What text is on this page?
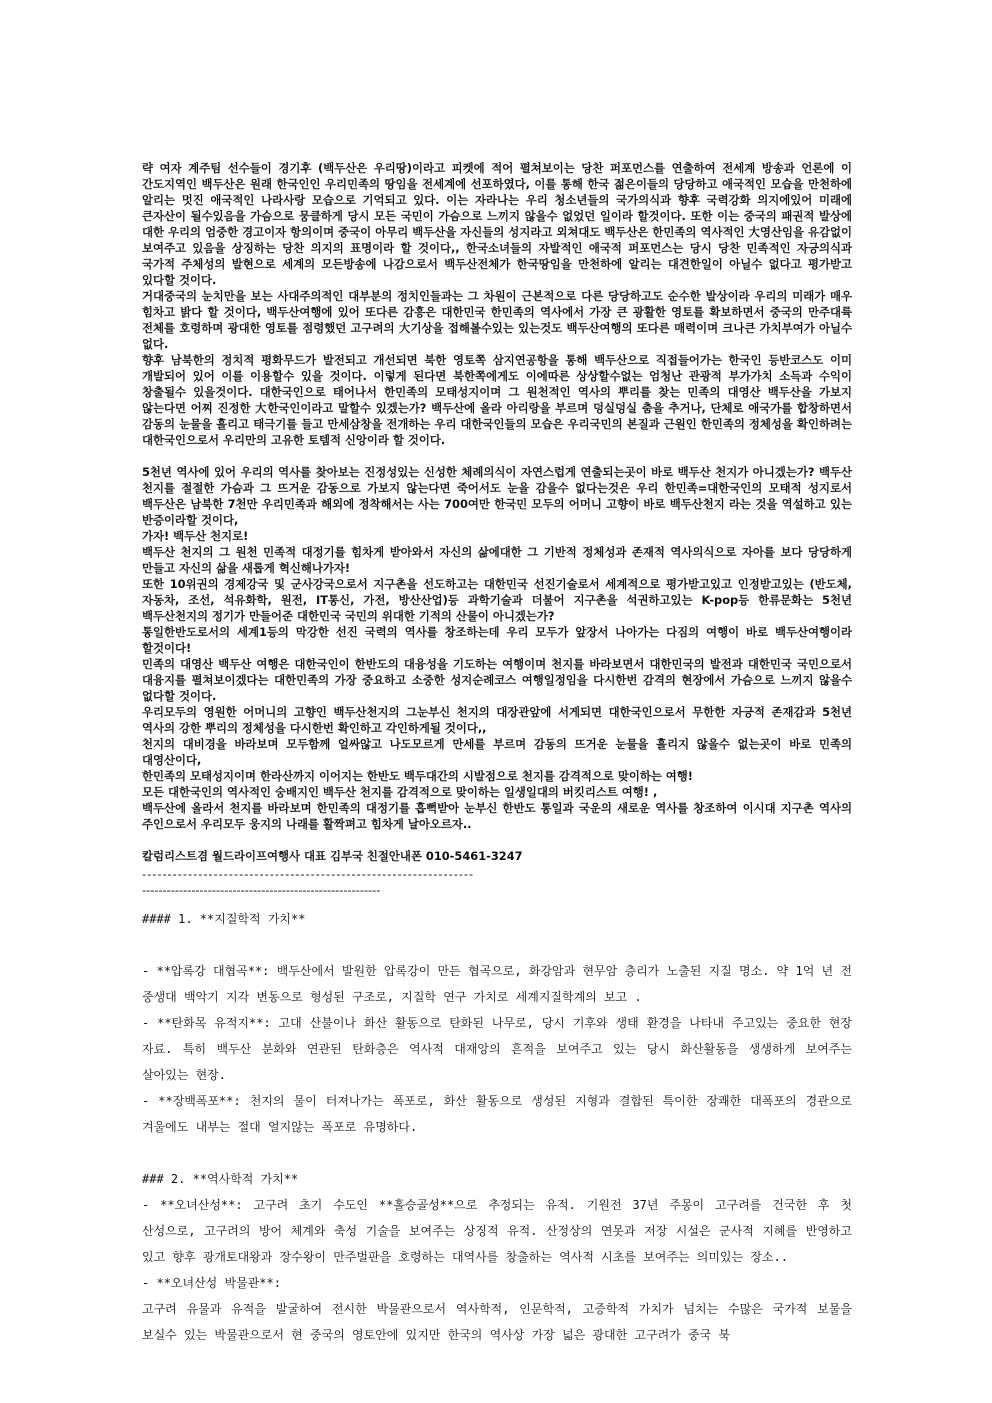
략 여자 계주팀 선수들이 경기후 (백두산은 우리땅)이라고 피켓에 적어 펼쳐보이는 당찬 퍼포먼스를 연출하여 전세계 방송과 언론에 이 간도지역인 백두산은 원래 한국인인 우리민족의 땅임을 전세계에 선포하였다, 이를 통해 한국 젊은이들의 당당하고 애국적인 모습을 만천하에 알리는 멋진 애국적인 나라사랑 모습으로 기억되고 있다. 이는 자라나는 우리 청소년들의 국가의식과 향후 국력강화 의지에있어 미래에 큰자산이 될수있음을 가슴으로 뭉클하게 당시 모든 국민이 가슴으로 느끼지 않을수 없었던 일이라 할것이다. 또한 이는 중국의 패권적 발상에 대한 우리의 엄중한 경고이자 항의이며 중국이 아무리 백두산을 자신들의 성지라고 외쳐대도 백두산은 한민족의 역사적인 大영산임을 유감없이 보여주고 있음을 상징하는 당찬 의지의 표명이라 할 것이다,, 한국소녀들의 자발적인 애국적 퍼포먼스는 당시 당찬 민족적인 자긍의식과 국가적 주체성의 발현으로 세계의 모든방송에 나감으로서 백두산전체가 한국땅임을 만천하에 알리는 대견한일이 아닐수 없다고 평가받고 있다할 것이다.

거대중국의 눈치만을 보는 사대주의적인 대부분의 정치인들과는 그 차원이 근본적으로 다른 당당하고도 순수한 발상이라 우리의 미래가 매우 힘차고 밝다 할 것이다, 백두산여행에 있어 또다른 감흥은 대한민국 한민족의 역사에서 가장 큰 광활한 영토를 확보하면서 중국의 만주대륙 전체를 호령하며 광대한 영토를 점령했던 고구려의 大기상을 접해볼수있는 있는것도 백두산여행의 또다른 매력이며 크나큰 가치부여가 아닐수 없다.

향후 남북한의 정치적 평화무드가 발전되고 개선되면 북한 영토쪽 삼지연공항을 통해 백두산으로 직접들어가는 한국인 등반코스도 이미 개발되어 있어 이를 이용할수 있을 것이다. 이렇게 된다면 북한쪽에게도 이에따른 상상할수없는 엄청난 관광적 부가가치 소득과 수익이 창출될수 있을것이다. 대한국인으로 태어나서 한민족의 모태성지이며 그 원천적인 역사의 뿌리를 찾는 민족의 대영산 백두산을 가보지 않는다면 어찌 진정한 大한국인이라고 말할수 있겠는가? 백두산에 올라 아리랑을 부르며 덩실덩실 춤을 추거나, 단체로 애국가를 합창하면서 감동의 눈물을 흘리고 태극기를 들고 만세삼창을 전개하는 우리 대한국인들의 모습은 우리국민의 본질과 근원인 한민족의 정체성을 확인하려는 대한국인으로서 우리만의 고유한 토템적 신앙이라 할 것이다.

5천년 역사에 있어 우리의 역사를 찾아보는 진정성있는 신성한 체례의식이 자연스럽게 연출되는곳이 바로 백두산 천지가 아니겠는가? 백두산 천지를 절절한 가슴과 그 뜨거운 감동으로 가보지 않는다면 죽어서도 눈을 감을수 없다는것은 우리 한민족=대한국인의 모태적 성지로서 백두산은 남북한 7천만 우리민족과 해외에 정착해서는 사는 700여만 한국민 모두의 어머니 고향이 바로 백두산천지 라는 것을 역설하고 있는 반증이라할 것이다,

가자! 백두산 천지로!

백두산 천지의 그 원천 민족적 대정기를 힘차게 받아와서 자신의 삶에대한 그 기반적 정체성과 존재적 역사의식으로 자아를 보다 당당하게 만들고 자신의 삶을 새롭게 혁신해나가자!

또한 10위권의 경제강국 및 군사강국으로서 지구촌을 선도하고는 대한민국 선진기술로서 세계적으로 평가받고있고 인정받고있는 (반도체, 자동차, 조선, 석유화학, 원전, IT통신, 가전, 방산산업)등 과학기술과 더불어 지구촌을 석권하고있는 K-pop등 한류문화는 5천년 백두산천지의 정기가 만들어준 대한민국 국민의 위대한 기적의 산물이 아니겠는가?

통일한반도로서의 세계1등의 막강한 선진 국력의 역사를 창조하는데 우리 모두가 앞장서 나아가는 다짐의 여행이 바로 백두산여행이라 할것이다!

민족의 대영산 백두산 여행은 대한국인이 한반도의 대융성을 기도하는 여행이며 천지를 바라보면서 대한민국의 발전과 대한민국 국민으로서 대융지를 펼쳐보이겠다는 대한민족의 가장 중요하고 소중한 성지순례코스 여행일정임을 다시한번 감격의 현장에서 가슴으로 느끼지 않을수 없다할 것이다.

우리모두의 영원한 어머니의 고향인 백두산천지의 그눈부신 천지의 대장관앞에 서게되면 대한국인으로서 무한한 자긍적 존재감과 5천년 역사의 강한 뿌리의 정체성을 다시한번 확인하고 각인하게될 것이다,,

천지의 대비경을 바라보며 모두함께 얼싸않고 나도모르게 만세를 부르며 감동의 뜨거운 눈물을 흘리지 않을수 없는곳이 바로 민족의 대영산이다,

한민족의 모태성지이며 한라산까지 이어지는 한반도 백두대간의 시발점으로 천지를 감격적으로 맞이하는 여행!

모든 대한국인의 역사적인 숭배지인 백두산 천지를 감격적으로 맞이하는 일생일대의 버킷리스트 여행! ,

백두산에 올라서 천지를 바라보며 한민족의 대정기를 흡뻑받아 눈부신 한반도 통일과 국운의 새로운 역사를 창조하여 이시대 지구촌 역사의 주인으로서 우리모두 웅지의 나래를 활짝펴고 힘차게 날아오르자..

칼럼리스트겸 월드라이프여행사 대표 김부국 친절안내폰 010-5461-3247

-----------------------------------------------------------------
----------------------------------------------------------

#### 1. **지질학적 가치**

- **압록강 대협곡**: 백두산에서 발원한 압록강이 만든 협곡으로, 화강암과 현무암 층리가 노출된 지질 명소. 약 1억 년 전 중생대 백악기 지각 변동으로 형성된 구조로, 지질학 연구 가치로 세계지질학계의 보고 .

- **탄화목 유적지**: 고대 산불이나 화산 활동으로 탄화된 나무로, 당시 기후와 생태 환경을 나타내 주고있는 중요한 현장 자료. 특히 백두산 분화와 연관된 탄화층은 역사적 대재앙의 흔적을 보여주고 있는 당시 화산활동을 생생하게 보여주는 살아있는 현장.

- **장백폭포**: 천지의 물이 터져나가는 폭포로, 화산 활동으로 생성된 지형과 결합된 특이한 장쾌한 대폭포의 경관으로 겨울에도 내부는 절대 얼지않는 폭포로 유명하다.

### 2. **역사학적 가치**

- **오녀산성**: 고구려 초기 수도인 **홀승골성**으로 추정되는 유적. 기원전 37년 주몽이 고구려를 건국한 후 첫 산성으로, 고구려의 방어 체계와 축성 기술을 보여주는 상징적 유적. 산정상의 연못과 저장 시설은 군사적 지혜를 반영하고 있고 향후 광개토대왕과 장수왕이 만주벌판을 호령하는 대역사를 창출하는 역사적 시초를 보여주는 의미있는 장소..

- **오녀산성 박물관**:

고구려 유물과 유적을 발굴하여 전시한 박물관으로서 역사학적, 인문학적, 고증학적 가치가 넘치는 수많은 국가적 보물을 보실수 있는 박물관으로서 현 중국의 영토안에 있지만 한국의 역사상 가장 넓은 광대한 고구려가 중국 북
